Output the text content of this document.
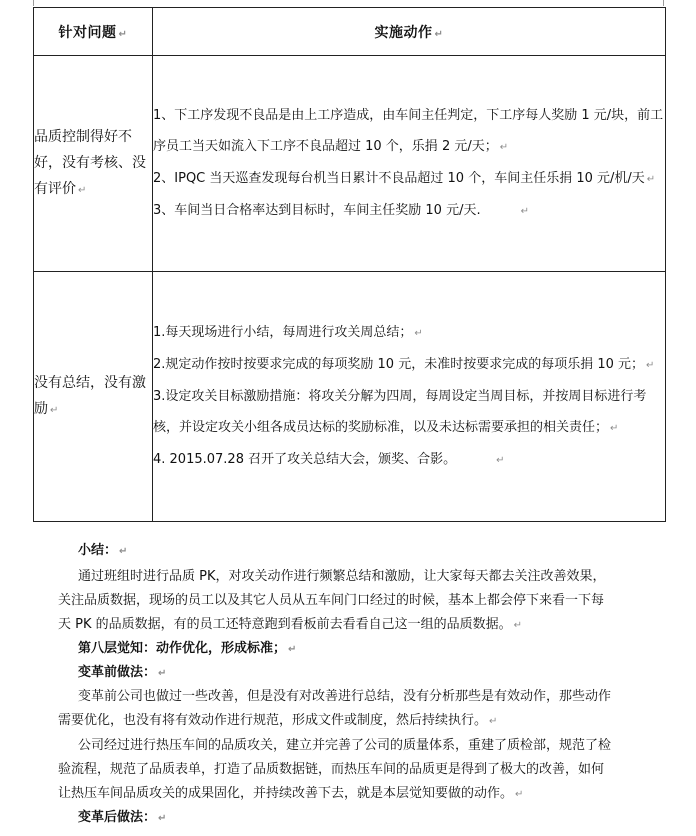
针对问题 ↵	实施动作 ↵
品质控制得好不好，没有考核、没有评价 ↵	1、下工序发现不良品是由上工序造成，由车间主任判定，下工序每人奖励 1 元/块，前工序员工当天如流入下工序不良品超过 10 个，乐捐 2 元/天； ↵

2、IPQC 当天巡查发现每台机当日累计不良品超过 10 个，车间主任乐捐 10 元/机/天 ↵

3、车间当日合格率达到目标时，车间主任奖励 10 元/天. ↵

没有总结，没有激励 ↵	1.每天现场进行小结，每周进行攻关周总结； ↵

2.规定动作按时按要求完成的每项奖励 10 元，未准时按要求完成的每项乐捐 10 元； ↵

3.设定攻关目标激励措施：将攻关分解为四周，每周设定当周目标，并按周目标进行考核，并设定攻关小组各成员达标的奖励标准，以及未达标需要承担的相关责任； ↵

4. 2015.07.28 召开了攻关总结大会，颁奖、合影。 ↵

小结： ↵

通过班组时进行品质 PK，对攻关动作进行频繁总结和激励，让大家每天都去关注改善效果，关注品质数据，现场的员工以及其它人员从五车间门口经过的时候，基本上都会停下来看一下每天 PK 的品质数据，有的员工还特意跑到看板前去看看自己这一组的品质数据。 ↵

第八层觉知：动作优化，形成标准； ↵

变革前做法： ↵

变革前公司也做过一些改善，但是没有对改善进行总结，没有分析那些是有效动作，那些动作需要优化，也没有将有效动作进行规范，形成文件或制度，然后持续执行。 ↵

公司经过进行热压车间的品质攻关，建立并完善了公司的质量体系，重建了质检部，规范了检验流程，规范了品质表单，打造了品质数据链，而热压车间的品质更是得到了极大的改善，如何让热压车间品质攻关的成果固化，并持续改善下去，就是本层觉知要做的动作。 ↵

变革后做法： ↵
